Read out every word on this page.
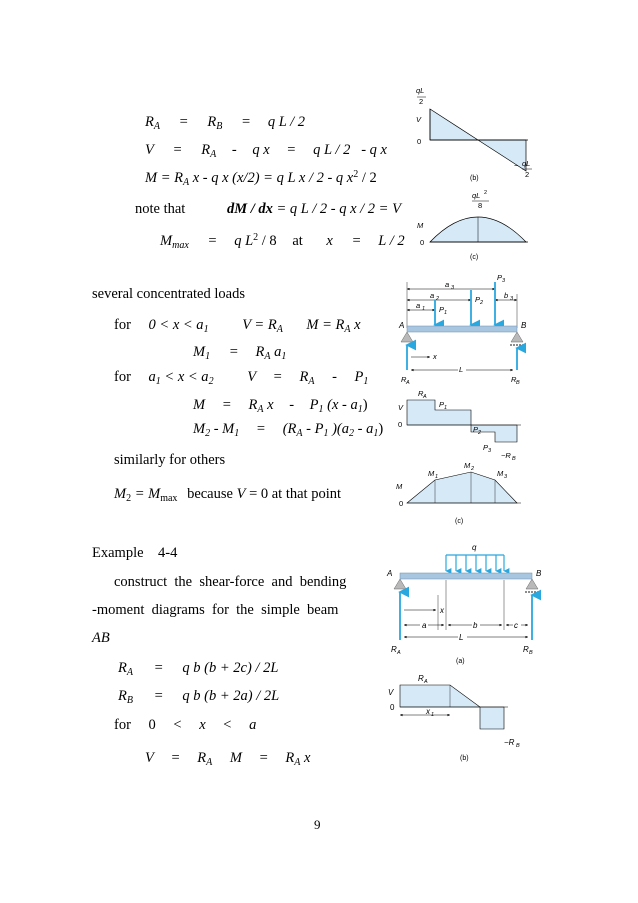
$R_A = R_B = q$ L / 2
$V = R_A - q$ x = q L / 2   - q x
$M = R_A$ x - q x (x/2) = q L x / 2 - q $x^2 / 2$
note that	dM / dx = q L / 2 - q x / 2 = V
$M_{max} = q$ $L^2 / 8$ at x = L / 2
several concentrated loads
for $0 < x < a_1$ $V = R_A$ $M = R_A$ x
$M_1 = R_A$ $a_1$
for $a_1 < x < a_2$ $V = R_A - P_1$
$M = R_A$ x - $P_1$ $(x - a_1)$
$M_2 - M_1 = (R_A - P_1$ )$(a_2 - a_1)$
similarly for others
$M_2 = M_{max}$ because V = 0 at that point
Example    4-4
construct  the  shear-force  and  bending
-moment  diagrams  for  the  simple  beam
AB
$R_A = q$ b (b + 2c) / 2L
$R_B = q$ b (b + 2a) / 2L
for 0 < x < a
$V = R_A$ $M = R_A$ x
9
qL
2
V
0
− qL
2
(b)
qL 2
8
M
0
(c)
a 3
a 2
a 1
b 3
P 1
P 2
P 3
A	B
R A	R B
x
L
R A
V
0
P 1
P 2
P 3 −R B
M
0
M 1
M 2	M 3
(c)
q
A	B
x
a	b	c
L
R A	R B
(a)
R A
V
0	x 1
−R B
(b)
